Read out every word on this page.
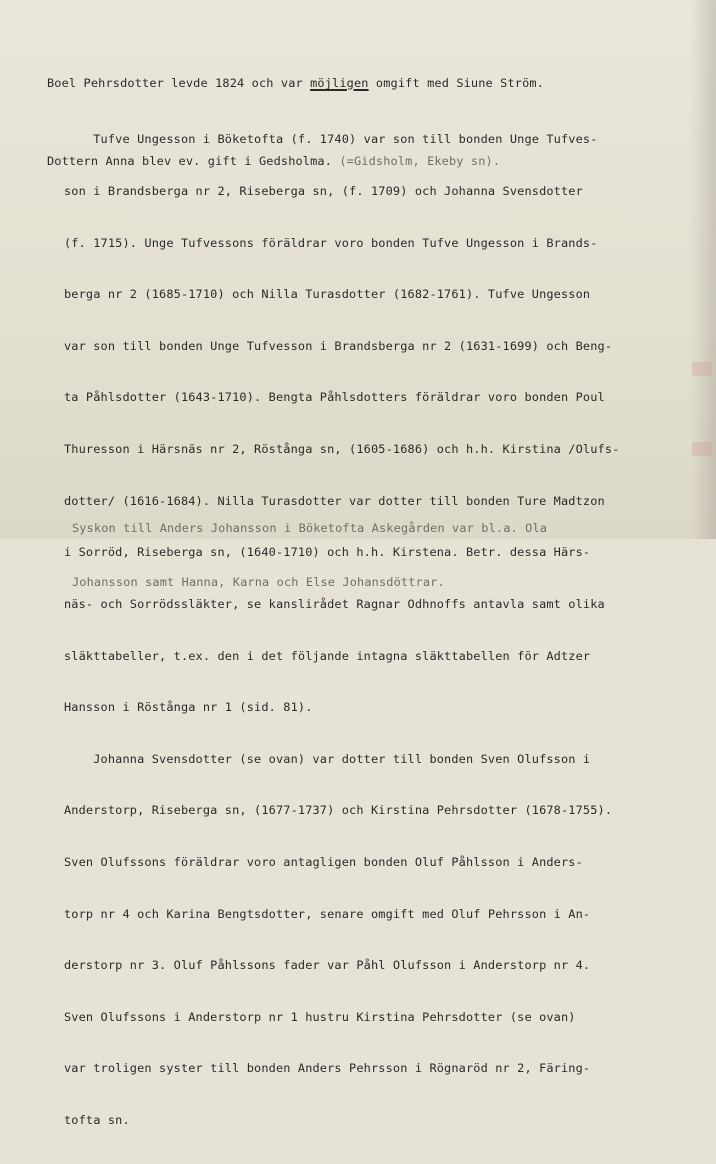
Boel Pehrsdotter levde 1824 och var möjligen omgift med Siune Ström.

Dottern Anna blev ev. gift i Gedsholma. (=Gidsholm, Ekeby sn).

Tufve Ungesson i Böketofta (f. 1740) var son till bonden Unge Tufves-

son i Brandsberga nr 2, Riseberga sn, (f. 1709) och Johanna Svensdotter

(f. 1715). Unge Tufvessons föräldrar voro bonden Tufve Ungesson i Brands-

berga nr 2 (1685-1710) och Nilla Turasdotter (1682-1761). Tufve Ungesson

var son till bonden Unge Tufvesson i Brandsberga nr 2 (1631-1699) och Beng-

ta Påhlsdotter (1643-1710). Bengta Påhlsdotters föräldrar voro bonden Poul

Thuresson i Härsnäs nr 2, Röstånga sn, (1605-1686) och h.h. Kirstina /Olufs-

dotter/ (1616-1684). Nilla Turasdotter var dotter till bonden Ture Madtzon

i Sorröd, Riseberga sn, (1640-1710) och h.h. Kirstena. Betr. dessa Härs-

näs- och Sorrödssläkter, se kanslirådet Ragnar Odhnoffs antavla samt olika

släkttabeller, t.ex. den i det följande intagna släkttabellen för Adtzer

Hansson i Röstånga nr 1 (sid. 81).

Johanna Svensdotter (se ovan) var dotter till bonden Sven Olufsson i

Anderstorp, Riseberga sn, (1677-1737) och Kirstina Pehrsdotter (1678-1755).

Sven Olufssons föräldrar voro antagligen bonden Oluf Påhlsson i Anders-

torp nr 4 och Karina Bengtsdotter, senare omgift med Oluf Pehrsson i An-

derstorp nr 3. Oluf Påhlssons fader var Påhl Olufsson i Anderstorp nr 4.

Sven Olufssons i Anderstorp nr 1 hustru Kirstina Pehrsdotter (se ovan)

var troligen syster till bonden Anders Pehrsson i Rögnaröd nr 2, Färing-

tofta sn.

Syskon till Anders Johansson i Böketofta Askegården var bl.a. Ola

Johansson samt Hanna, Karna och Else Johansdöttrar.
